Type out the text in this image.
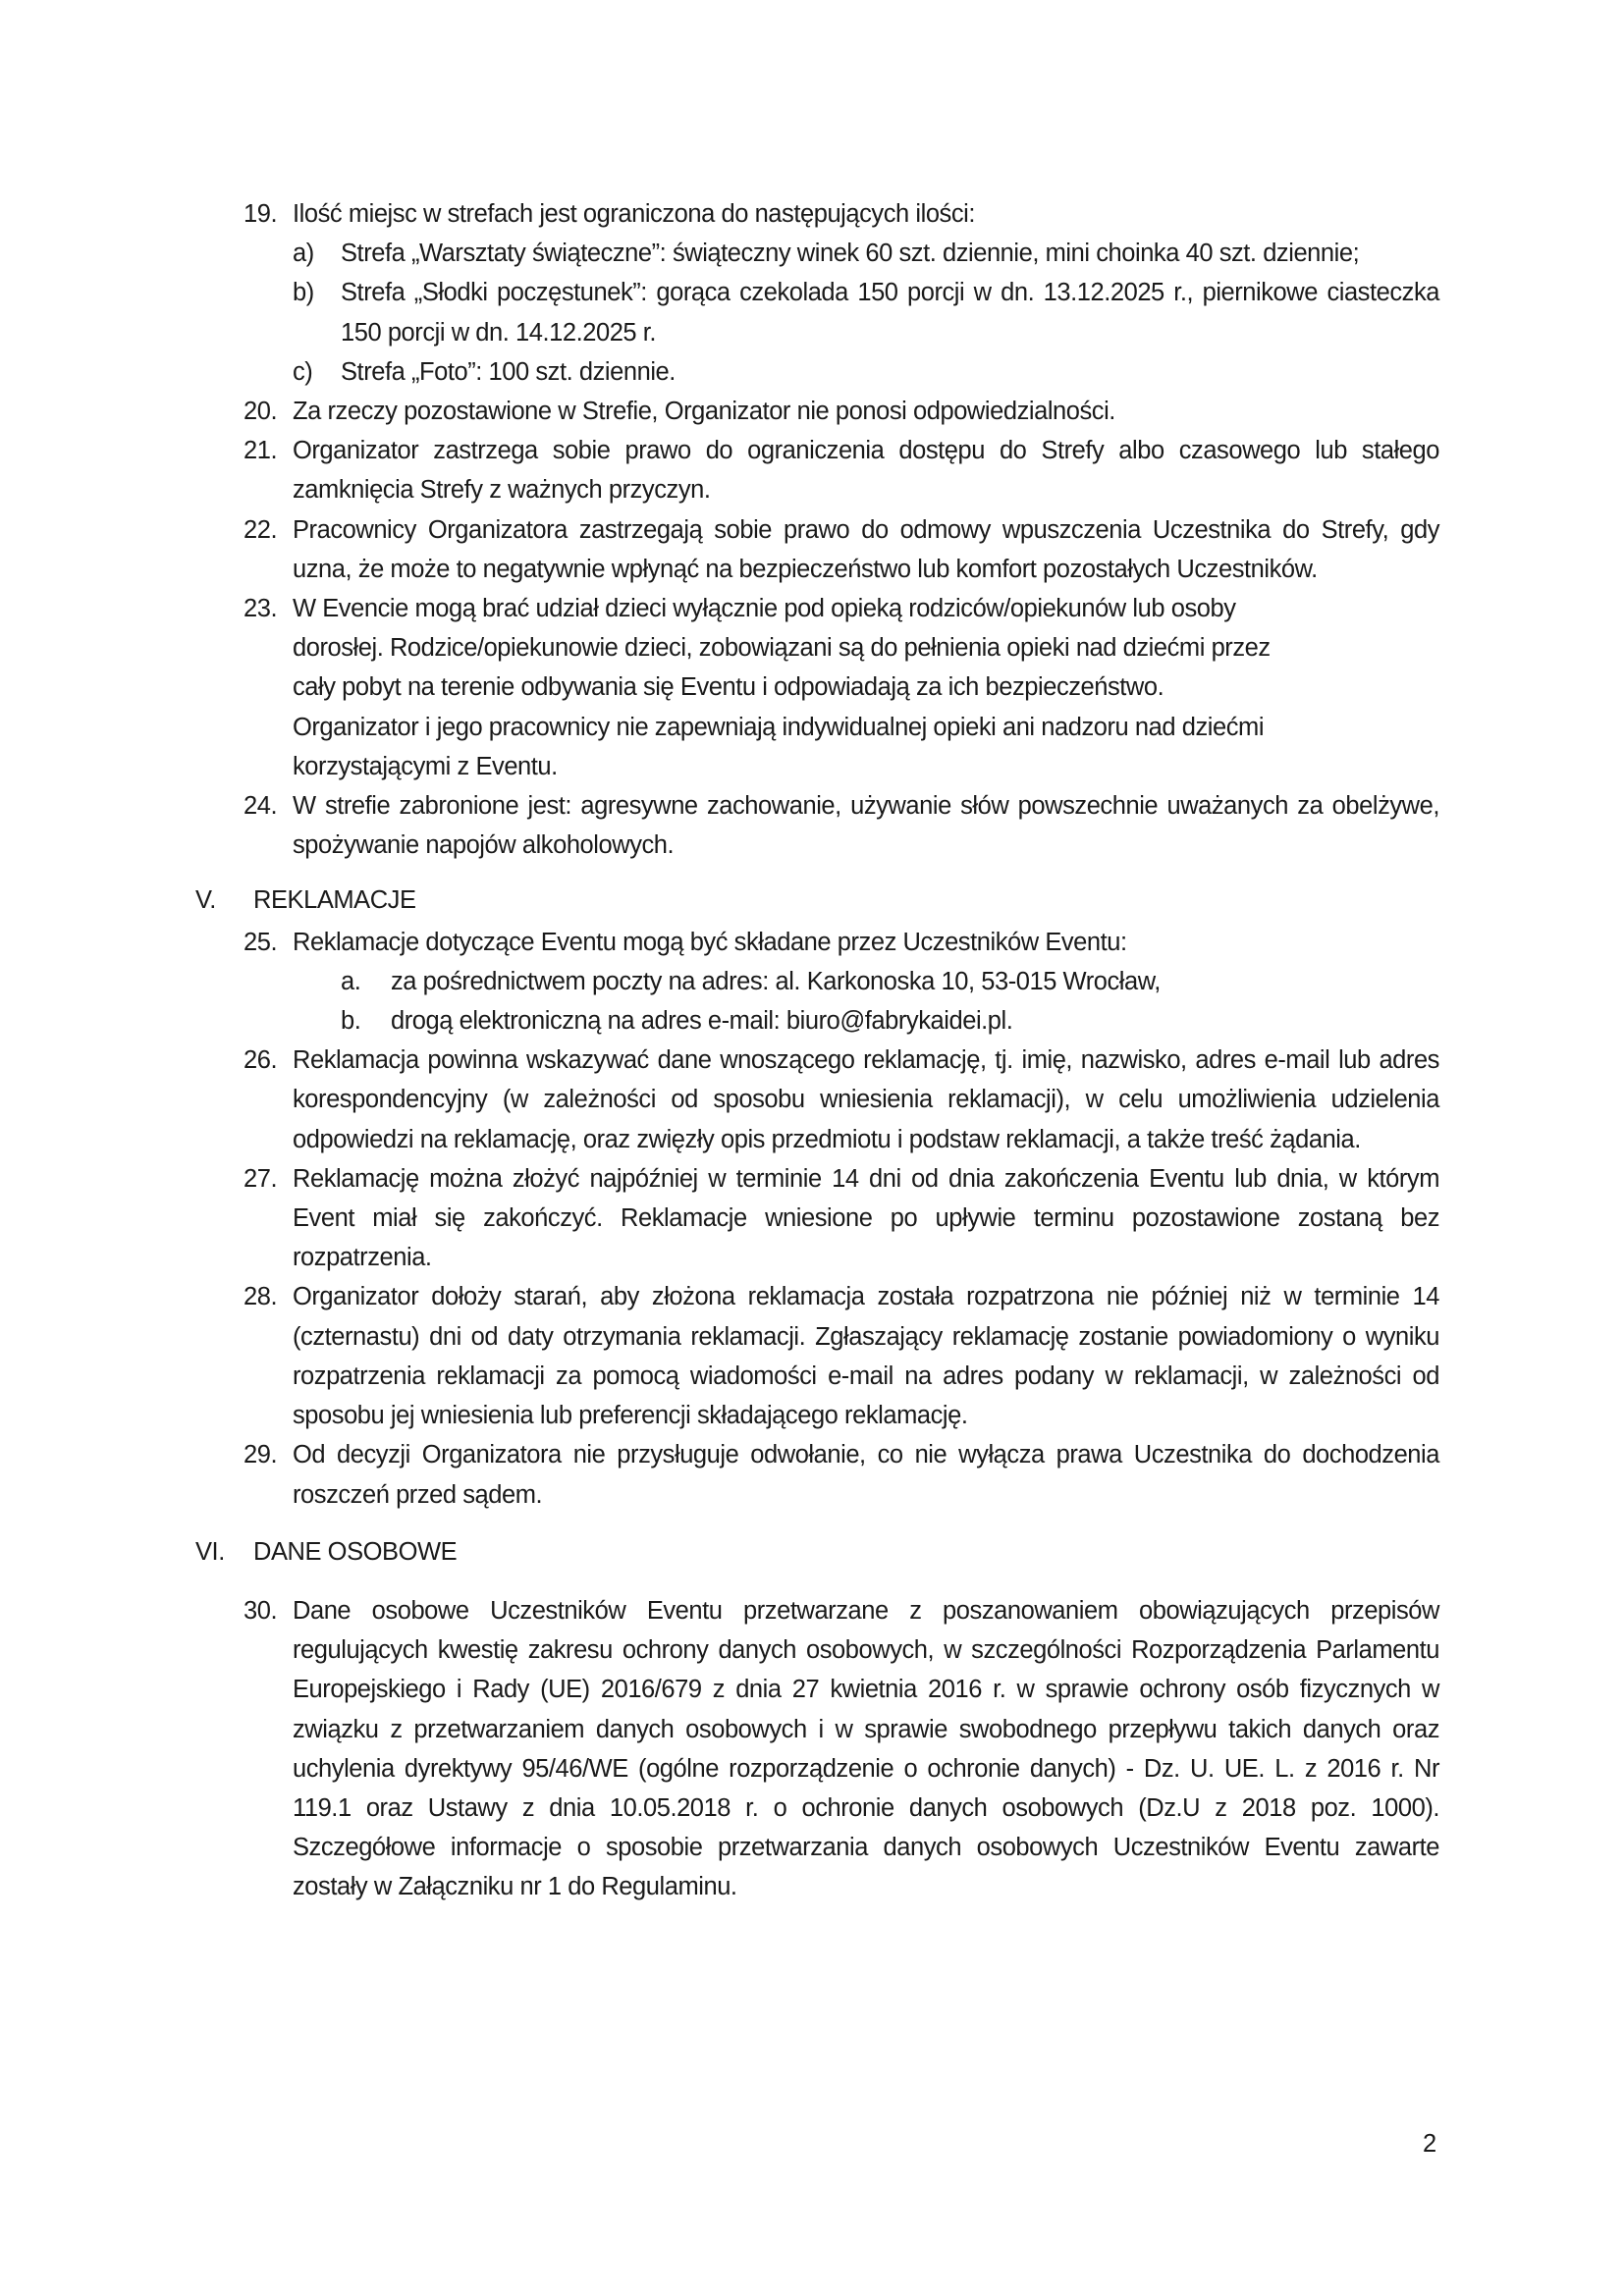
19. Ilość miejsc w strefach jest ograniczona do następujących ilości:
a) Strefa „Warsztaty świąteczne”: świąteczny winek 60 szt. dziennie, mini choinka 40 szt. dziennie;
b) Strefa „Słodki poczęstunek”: gorąca czekolada 150 porcji w dn. 13.12.2025 r., piernikowe ciasteczka 150 porcji w dn. 14.12.2025 r.
c) Strefa „Foto”: 100 szt. dziennie.
20. Za rzeczy pozostawione w Strefie, Organizator nie ponosi odpowiedzialności.
21. Organizator zastrzega sobie prawo do ograniczenia dostępu do Strefy albo czasowego lub stałego zamknięcia Strefy z ważnych przyczyn.
22. Pracownicy Organizatora zastrzegają sobie prawo do odmowy wpuszczenia Uczestnika do Strefy, gdy uzna, że może to negatywnie wpłynąć na bezpieczeństwo lub komfort pozostałych Uczestników.
23. W Evencie mogą brać udział dzieci wyłącznie pod opieką rodziców/opiekunów lub osoby
dorosłej. Rodzice/opiekunowie dzieci, zobowiązani są do pełnienia opieki nad dziećmi przez
cały pobyt na terenie odbywania się Eventu i odpowiadają za ich bezpieczeństwo.
Organizator i jego pracownicy nie zapewniają indywidualnej opieki ani nadzoru nad dziećmi
korzystającymi z Eventu.
24. W strefie zabronione jest: agresywne zachowanie, używanie słów powszechnie uważanych za obelżywe, spożywanie napojów alkoholowych.
V. REKLAMACJE
25. Reklamacje dotyczące Eventu mogą być składane przez Uczestników Eventu:
a. za pośrednictwem poczty na adres: al. Karkonoska 10, 53-015 Wrocław,
b. drogą elektroniczną na adres e-mail: biuro@fabrykaidei.pl.
26. Reklamacja powinna wskazywać dane wnoszącego reklamację, tj. imię, nazwisko, adres e-mail lub adres korespondencyjny (w zależności od sposobu wniesienia reklamacji), w celu umożliwienia udzielenia odpowiedzi na reklamację, oraz zwięzły opis przedmiotu i podstaw reklamacji, a także treść żądania.
27. Reklamację można złożyć najpóźniej w terminie 14 dni od dnia zakończenia Eventu lub dnia, w którym Event miał się zakończyć. Reklamacje wniesione po upływie terminu pozostawione zostaną bez rozpatrzenia.
28. Organizator dołoży starań, aby złożona reklamacja została rozpatrzona nie później niż w terminie 14 (czternastu) dni od daty otrzymania reklamacji. Zgłaszający reklamację zostanie powiadomiony o wyniku rozpatrzenia reklamacji za pomocą wiadomości e-mail na adres podany w reklamacji, w zależności od sposobu jej wniesienia lub preferencji składającego reklamację.
29. Od decyzji Organizatora nie przysługuje odwołanie, co nie wyłącza prawa Uczestnika do dochodzenia roszczeń przed sądem.
VI. DANE OSOBOWE
30. Dane osobowe Uczestników Eventu przetwarzane z poszanowaniem obowiązujących przepisów regulujących kwestię zakresu ochrony danych osobowych, w szczególności Rozporządzenia Parlamentu Europejskiego i Rady (UE) 2016/679 z dnia 27 kwietnia 2016 r. w sprawie ochrony osób fizycznych w związku z przetwarzaniem danych osobowych i w sprawie swobodnego przepływu takich danych oraz uchylenia dyrektywy 95/46/WE (ogólne rozporządzenie o ochronie danych) - Dz. U. UE. L. z 2016 r. Nr 119.1 oraz Ustawy z dnia 10.05.2018 r. o ochronie danych osobowych (Dz.U z 2018 poz. 1000). Szczegółowe informacje o sposobie przetwarzania danych osobowych Uczestników Eventu zawarte zostały w Załączniku nr 1 do Regulaminu.
2
